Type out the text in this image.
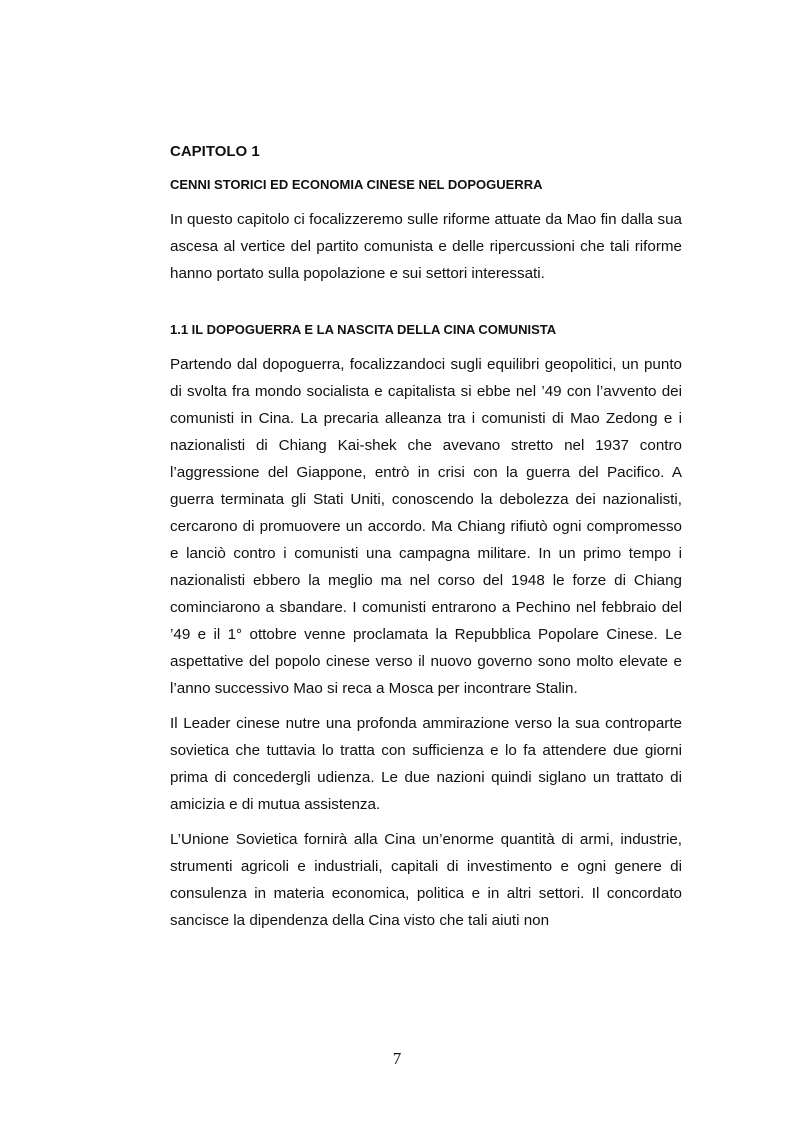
CAPITOLO 1
CENNI STORICI ED ECONOMIA CINESE NEL DOPOGUERRA

In questo capitolo ci focalizzeremo sulle riforme attuate da Mao fin dalla sua ascesa al vertice del partito comunista e delle ripercussioni che tali riforme hanno portato sulla popolazione e sui settori interessati.

1.1 IL DOPOGUERRA E LA NASCITA DELLA CINA COMUNISTA

Partendo dal dopoguerra, focalizzandoci sugli equilibri geopolitici, un punto di svolta fra mondo socialista e capitalista si ebbe nel ’49 con l’avvento dei comunisti in Cina. La precaria alleanza tra i comunisti di Mao Zedong e i nazionalisti di Chiang Kai-shek che avevano stretto nel 1937 contro l’aggressione del Giappone, entrò in crisi con la guerra del Pacifico. A guerra terminata gli Stati Uniti, conoscendo la debolezza dei nazionalisti, cercarono di promuovere un accordo. Ma Chiang rifiutò ogni compromesso e lanciò contro i comunisti una campagna militare. In un primo tempo i nazionalisti ebbero la meglio ma nel corso del 1948 le forze di Chiang cominciarono a sbandare. I comunisti entrarono a Pechino nel febbraio del ’49 e il 1° ottobre venne proclamata la Repubblica Popolare Cinese. Le aspettative del popolo cinese verso il nuovo governo sono molto elevate e l’anno successivo Mao si reca a Mosca per incontrare Stalin.

Il Leader cinese nutre una profonda ammirazione verso la sua controparte sovietica che tuttavia lo tratta con sufficienza e lo fa attendere due giorni prima di concedergli udienza. Le due nazioni quindi siglano un trattato di amicizia e di mutua assistenza.

L’Unione Sovietica fornirà alla Cina un’enorme quantità di armi, industrie, strumenti agricoli e industriali, capitali di investimento e ogni genere di consulenza in materia economica, politica e in altri settori. Il concordato sancisce la dipendenza della Cina visto che tali aiuti non

7
